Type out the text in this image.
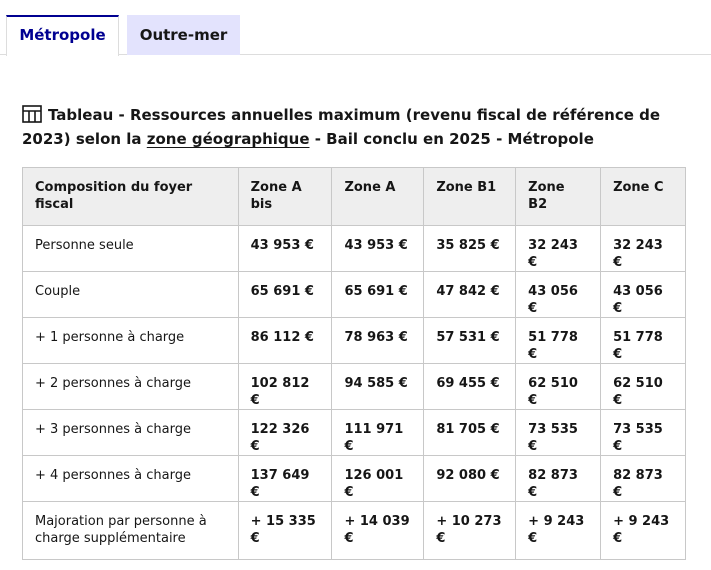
Métropole	Outre-mer
Tableau - Ressources annuelles maximum (revenu fiscal de référence de 2023) selon la zone géographique - Bail conclu en 2025 - Métropole
Composition du foyer fiscal	Zone A bis	Zone A	Zone B1	Zone B2	Zone C
Personne seule	43 953 €	43 953 €	35 825 €	32 243 €	32 243 €
Couple	65 691 €	65 691 €	47 842 €	43 056 €	43 056 €
+ 1 personne à charge	86 112 €	78 963 €	57 531 €	51 778 €	51 778 €
+ 2 personnes à charge	102 812 €	94 585 €	69 455 €	62 510 €	62 510 €
+ 3 personnes à charge	122 326 €	111 971 €	81 705 €	73 535 €	73 535 €
+ 4 personnes à charge	137 649 €	126 001 €	92 080 €	82 873 €	82 873 €
Majoration par personne à charge supplémentaire	+ 15 335 €	+ 14 039 €	+ 10 273 €	+ 9 243 €	+ 9 243 €
